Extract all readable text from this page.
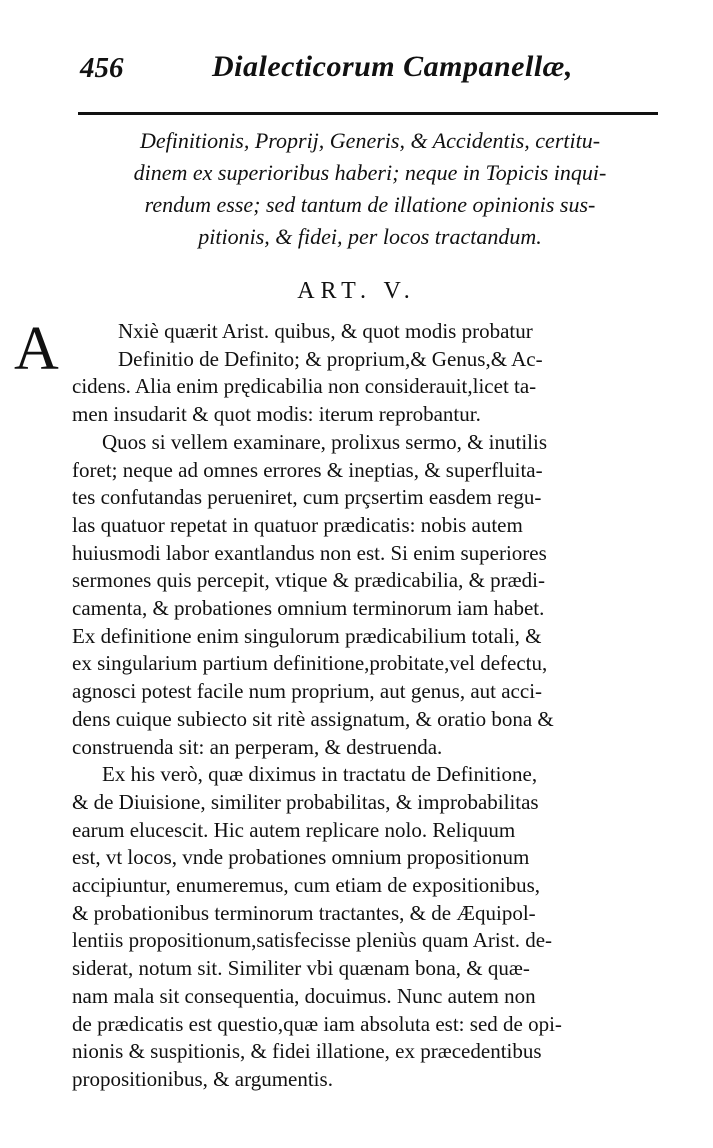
456	Dialecticorum Campanellæ,
Definitionis, Proprij, Generis, & Accidentis, certitu-
dinem ex superioribus haberi; neque in Topicis inqui-
rendum esse; sed tantum de illatione opinionis sus-
pitionis, & fidei, per locos tractandum.
ART. V.
A	Nxiè quærit Arist. quibus, & quot modis probatur
Definitio de Definito; & proprium,& Genus,& Ac-
cidens. Alia enim prędicabilia non considerauit,licet ta-
men insudarit & quot modis: iterum reprobantur.
Quos si vellem examinare, prolixus sermo, & inutilis
foret; neque ad omnes errores & ineptias, & superfluita-
tes confutandas perueniret, cum prçsertim easdem regu-
las quatuor repetat in quatuor prædicatis: nobis autem
huiusmodi labor exantlandus non est. Si enim superiores
sermones quis percepit, vtique & prædicabilia, & prædi-
camenta, & probationes omnium terminorum iam habet.
Ex definitione enim singulorum prædicabilium totali, &
ex singularium partium definitione,probitate,vel defectu,
agnosci potest facile num proprium, aut genus, aut acci-
dens cuique subiecto sit ritè assignatum, & oratio bona &
construenda sit: an perperam, & destruenda.
Ex his verò, quæ diximus in tractatu de Definitione,
& de Diuisione, similiter probabilitas, & improbabilitas
earum elucescit. Hic autem replicare nolo. Reliquum
est, vt locos, vnde probationes omnium propositionum
accipiuntur, enumeremus, cum etiam de expositionibus,
& probationibus terminorum tractantes, & de Æquipol-
lentiis propositionum,satisfecisse pleniùs quam Arist. de-
siderat, notum sit. Similiter vbi quænam bona, & quæ-
nam mala sit consequentia, docuimus. Nunc autem non
de prædicatis est questio,quæ iam absoluta est: sed de opi-
nionis & suspitionis, & fidei illatione, ex præcedentibus
propositionibus, & argumentis.
